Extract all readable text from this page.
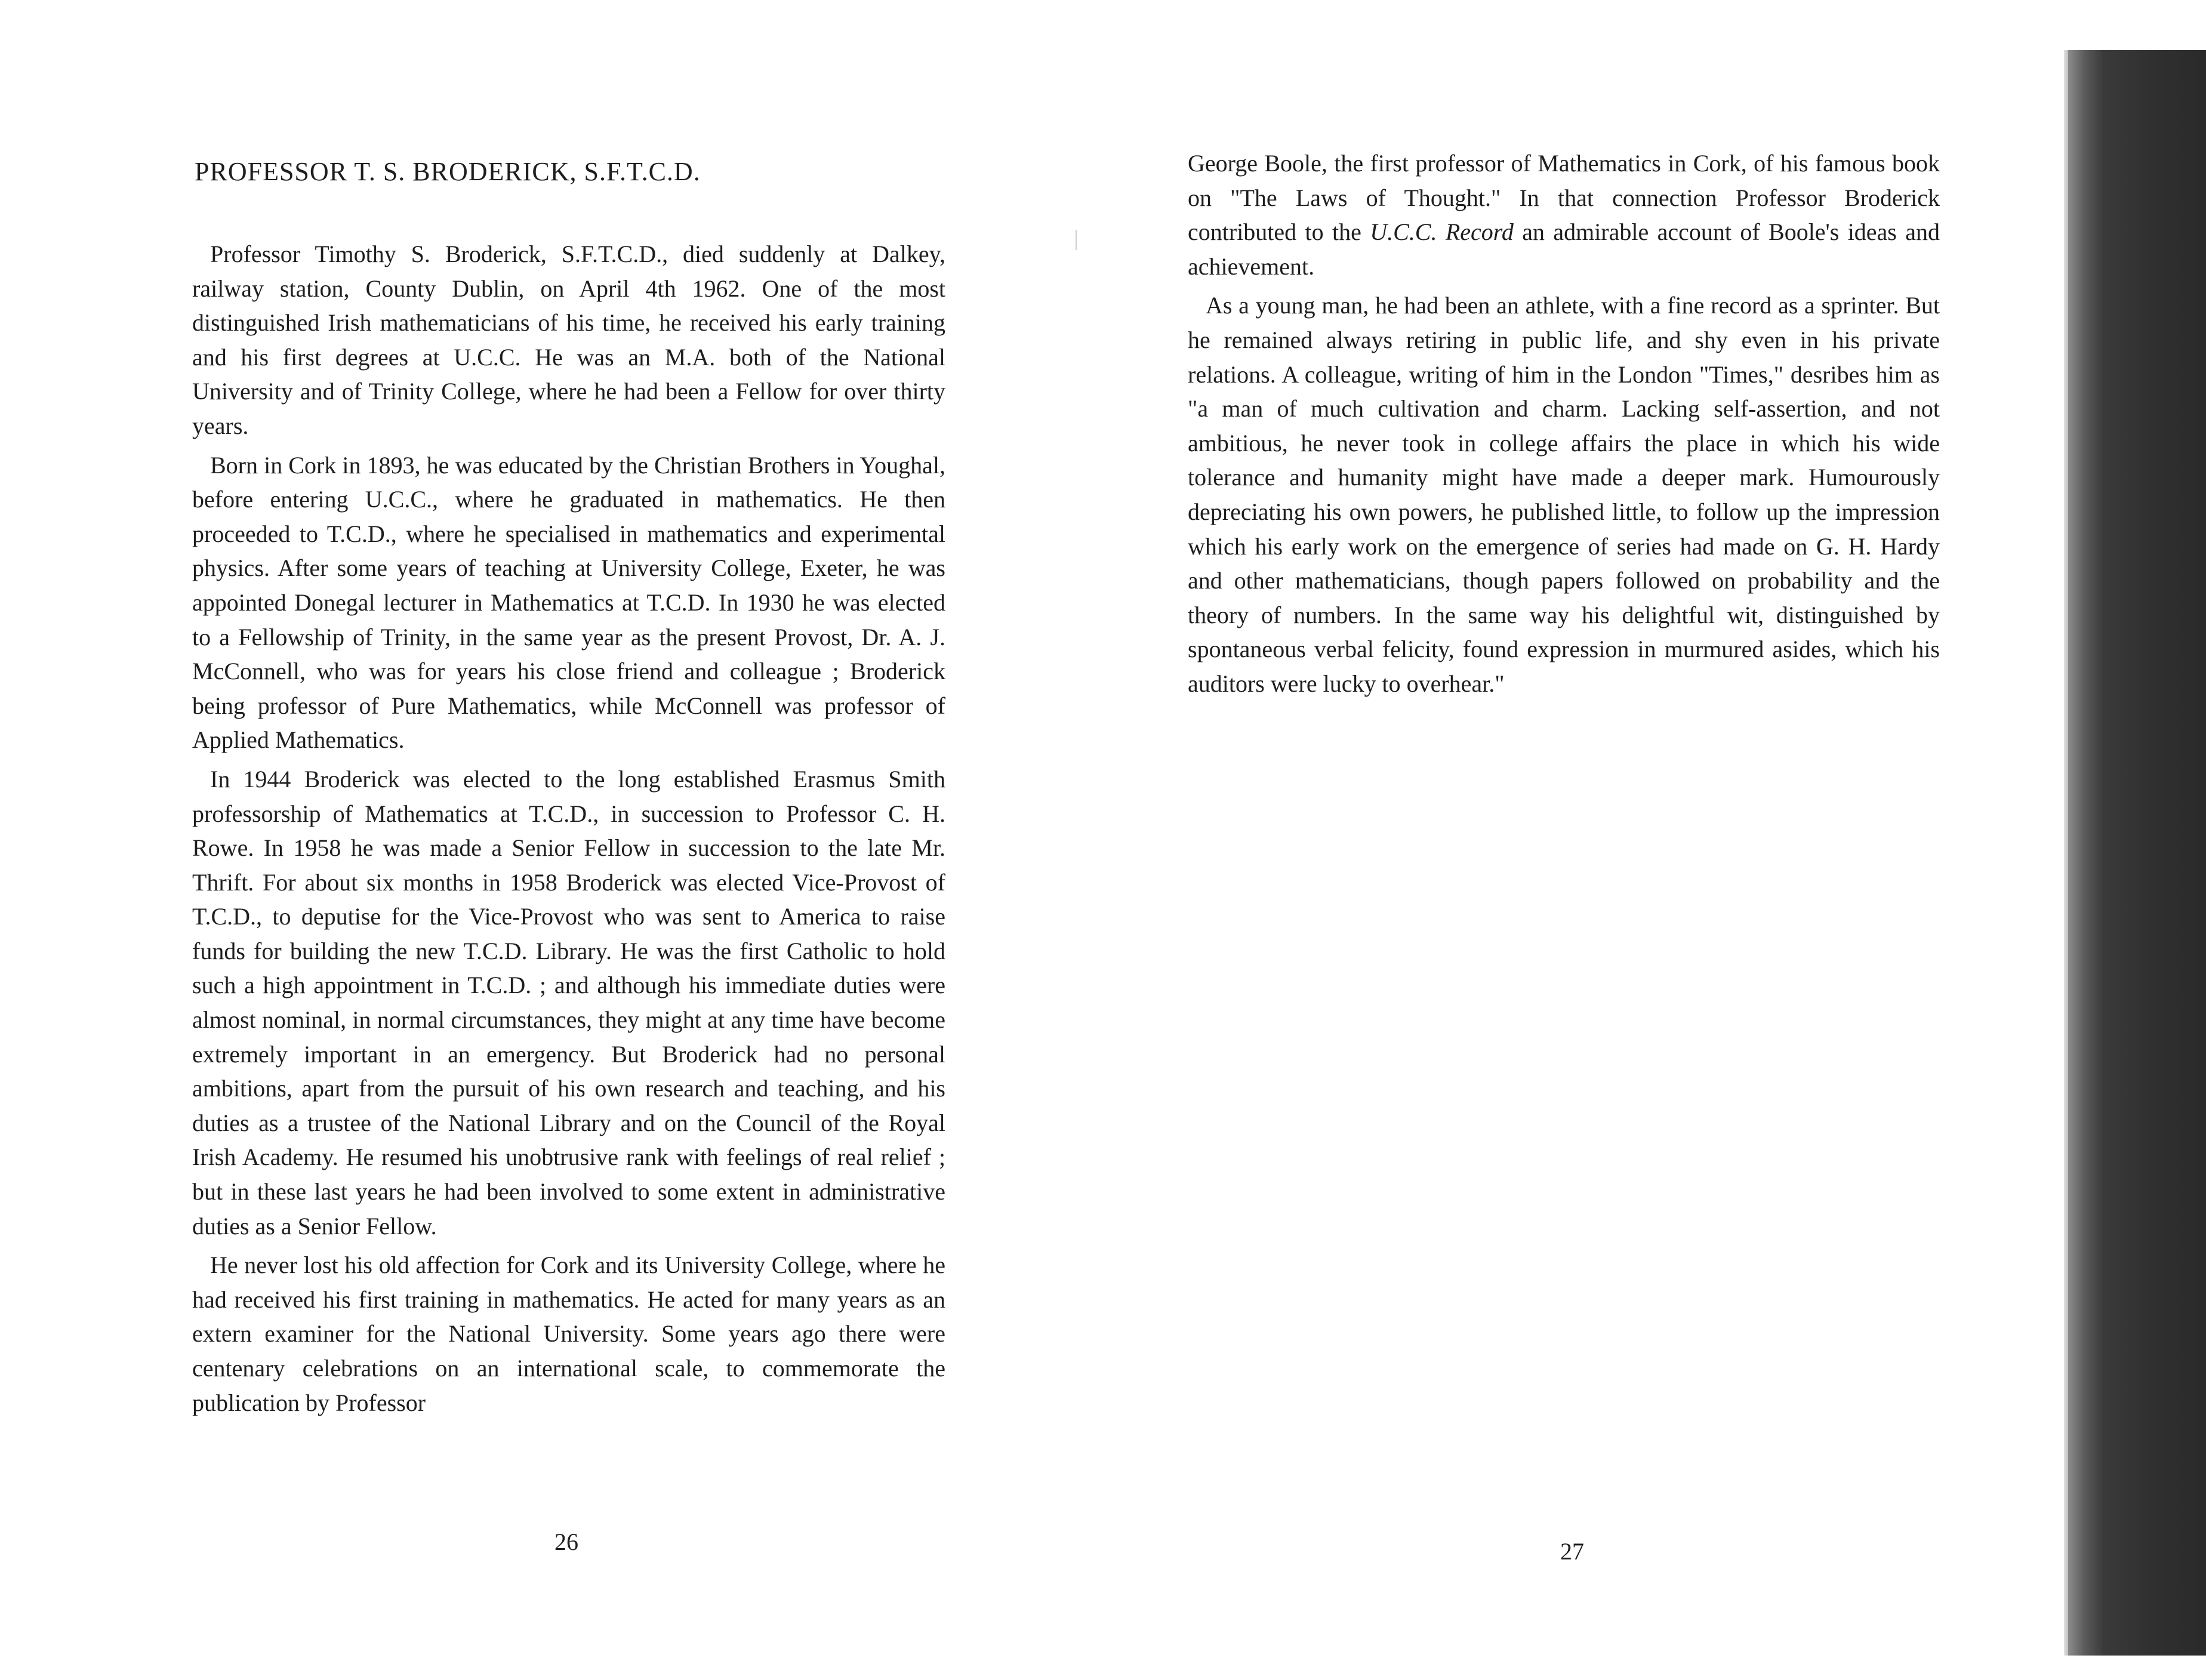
PROFESSOR T. S. BRODERICK, S.F.T.C.D.

Professor Timothy S. Broderick, S.F.T.C.D., died suddenly at Dalkey, railway station, County Dublin, on April 4th 1962. One of the most distinguished Irish mathematicians of his time, he received his early training and his first degrees at U.C.C. He was an M.A. both of the National University and of Trinity College, where he had been a Fellow for over thirty years.

Born in Cork in 1893, he was educated by the Christian Brothers in Youghal, before entering U.C.C., where he graduated in mathematics. He then proceeded to T.C.D., where he specialised in mathematics and experimental physics. After some years of teaching at University College, Exeter, he was appointed Donegal lecturer in Mathematics at T.C.D. In 1930 he was elected to a Fellowship of Trinity, in the same year as the present Provost, Dr. A. J. McConnell, who was for years his close friend and colleague ; Broderick being professor of Pure Mathematics, while McConnell was professor of Applied Mathematics.

In 1944 Broderick was elected to the long established Erasmus Smith professorship of Mathematics at T.C.D., in succession to Professor C. H. Rowe. In 1958 he was made a Senior Fellow in succession to the late Mr. Thrift. For about six months in 1958 Broderick was elected Vice-Provost of T.C.D., to deputise for the Vice-Provost who was sent to America to raise funds for building the new T.C.D. Library. He was the first Catholic to hold such a high appointment in T.C.D. ; and although his immediate duties were almost nominal, in normal circumstances, they might at any time have become extremely important in an emergency. But Broderick had no personal ambitions, apart from the pursuit of his own research and teaching, and his duties as a trustee of the National Library and on the Council of the Royal Irish Academy. He resumed his unobtrusive rank with feelings of real relief ; but in these last years he had been involved to some extent in administrative duties as a Senior Fellow.

He never lost his old affection for Cork and its University College, where he had received his first training in mathematics. He acted for many years as an extern examiner for the National University. Some years ago there were centenary celebrations on an international scale, to commemorate the publication by Professor

26

George Boole, the first professor of Mathematics in Cork, of his famous book on "The Laws of Thought." In that connection Professor Broderick contributed to the U.C.C. Record an admirable account of Boole's ideas and achievement.

As a young man, he had been an athlete, with a fine record as a sprinter. But he remained always retiring in public life, and shy even in his private relations. A colleague, writing of him in the London "Times," desribes him as "a man of much cultivation and charm. Lacking self-assertion, and not ambitious, he never took in college affairs the place in which his wide tolerance and humanity might have made a deeper mark. Humourously depreciating his own powers, he published little, to follow up the impression which his early work on the emergence of series had made on G. H. Hardy and other mathematicians, though papers followed on probability and the theory of numbers. In the same way his delightful wit, distinguished by spontaneous verbal felicity, found expression in murmured asides, which his auditors were lucky to overhear."

27
